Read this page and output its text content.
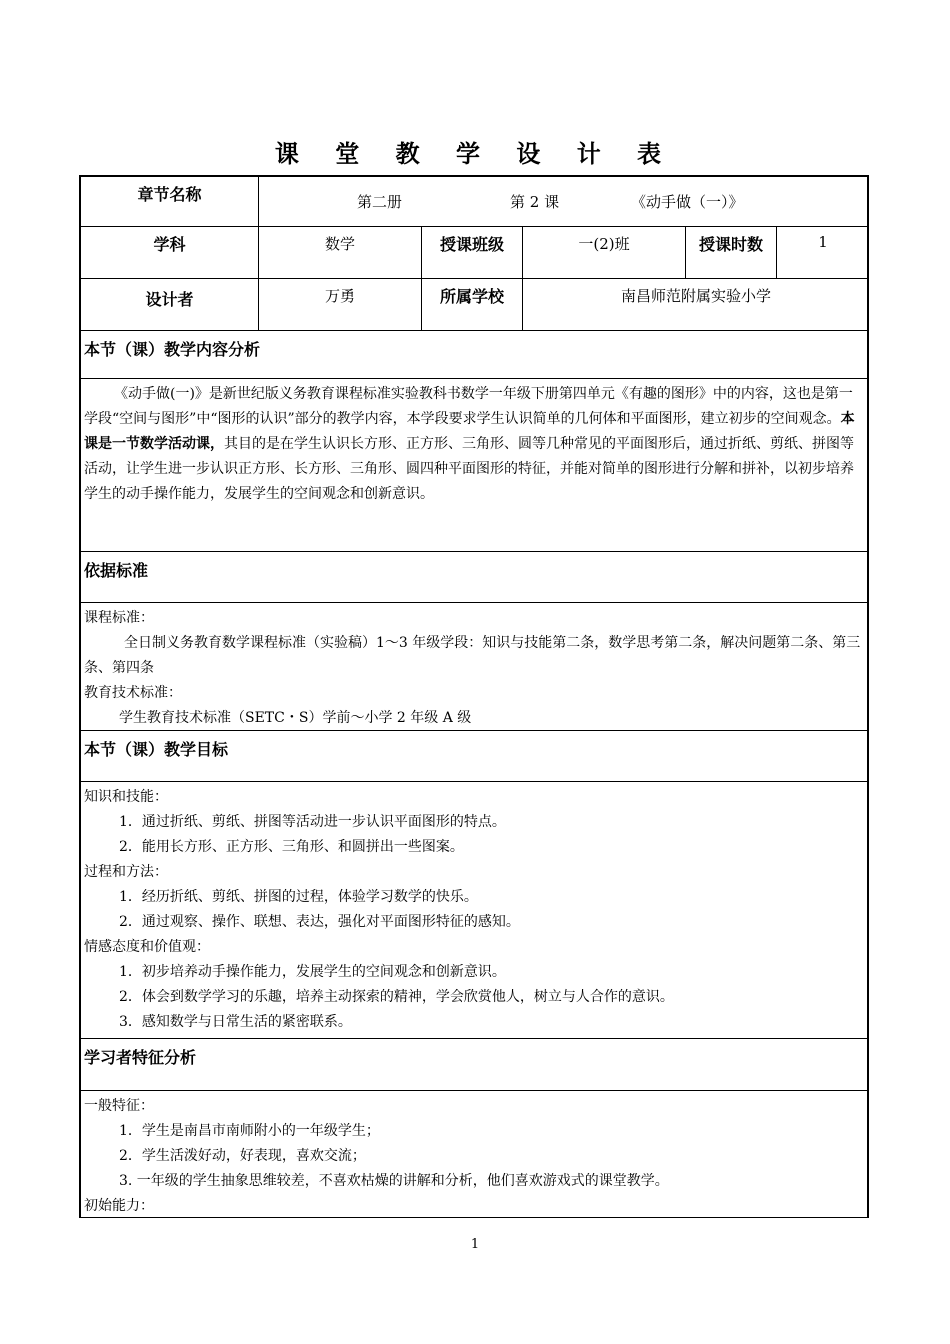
课 堂 教 学 设 计 表
章节名称	第二册	第 2 课	《动手做（一）》
学科	数学	授课班级	一(2)班	授课时数	1
设计者	万勇	所属学校	南昌师范附属实验小学
本节（课）教学内容分析

《动手做(一)》是新世纪版义务教育课程标准实验教科书数学一年级下册第四单元《有趣的图形》中的内容，这也是第一学段“空间与图形”中“图形的认识”部分的教学内容，本学段要求学生认识简单的几何体和平面图形，建立初步的空间观念。本课是一节数学活动课，其目的是在学生认识长方形、正方形、三角形、圆等几种常见的平面图形后，通过折纸、剪纸、拼图等活动，让学生进一步认识正方形、长方形、三角形、圆四种平面图形的特征，并能对简单的图形进行分解和拼补，以初步培养学生的动手操作能力，发展学生的空间观念和创新意识。

依据标准

课程标准：

全日制义务教育数学课程标准（实验稿）1～3 年级学段：知识与技能第二条，数学思考第二条，解决问题第二条、第三条、第四条

教育技术标准：

学生教育技术标准（SETC・S）学前～小学 2 年级 A 级

本节（课）教学目标

知识和技能：

1．通过折纸、剪纸、拼图等活动进一步认识平面图形的特点。

2．能用长方形、正方形、三角形、和圆拼出一些图案。

过程和方法：

1．经历折纸、剪纸、拼图的过程，体验学习数学的快乐。

2．通过观察、操作、联想、表达，强化对平面图形特征的感知。

情感态度和价值观：

1．初步培养动手操作能力，发展学生的空间观念和创新意识。

2．体会到数学学习的乐趣，培养主动探索的精神，学会欣赏他人，树立与人合作的意识。

3．感知数学与日常生活的紧密联系。

学习者特征分析

一般特征：

1．学生是南昌市南师附小的一年级学生；

2．学生活泼好动，好表现，喜欢交流；

3. 一年级的学生抽象思维较差，不喜欢枯燥的讲解和分析，他们喜欢游戏式的课堂教学。

初始能力：

1
